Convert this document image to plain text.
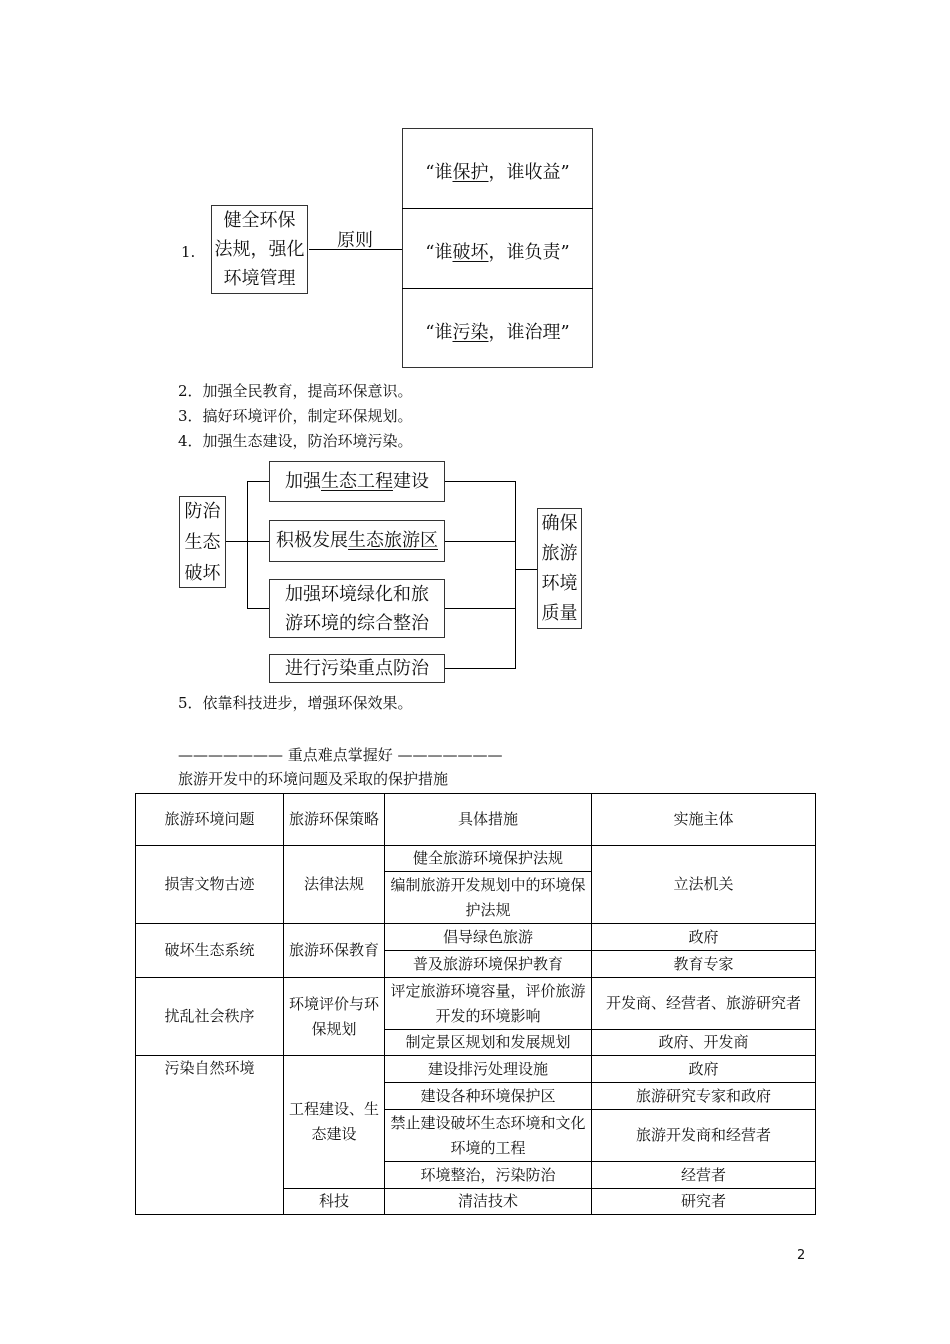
1.
健全环保
法规，强化
环境管理
原则
“谁保护，谁收益”
“谁破坏，谁负责”
“谁污染，谁治理”
2．加强全民教育，提高环保意识。
3．搞好环境评价，制定环保规划。
4．加强生态建设，防治环境污染。
防治
生态
破坏
加强生态工程建设
积极发展生态旅游区
加强环境绿化和旅
游环境的综合整治
进行污染重点防治
确保
旅游
环境
质量
5．依靠科技进步，增强环保效果。
——————— 重点难点掌握好 ———————
旅游开发中的环境问题及采取的保护措施
旅游环境问题	旅游环保策略	具体措施	实施主体
损害文物古迹	法律法规	健全旅游环境保护法规	立法机关
		编制旅游开发规划中的环境保护法规	
破坏生态系统	旅游环保教育	倡导绿色旅游	政府
		普及旅游环境保护教育	教育专家
扰乱社会秩序	环境评价与环保规划	评定旅游环境容量，评价旅游开发的环境影响	开发商、经营者、旅游研究者
		制定景区规划和发展规划	政府、开发商
污染自然环境	工程建设、生态建设	建设排污处理设施	政府
		建设各种环境保护区	旅游研究专家和政府
		禁止建设破坏生态环境和文化环境的工程	旅游开发商和经营者
		环境整治，污染防治	经营者
	科技	清洁技术	研究者
2
